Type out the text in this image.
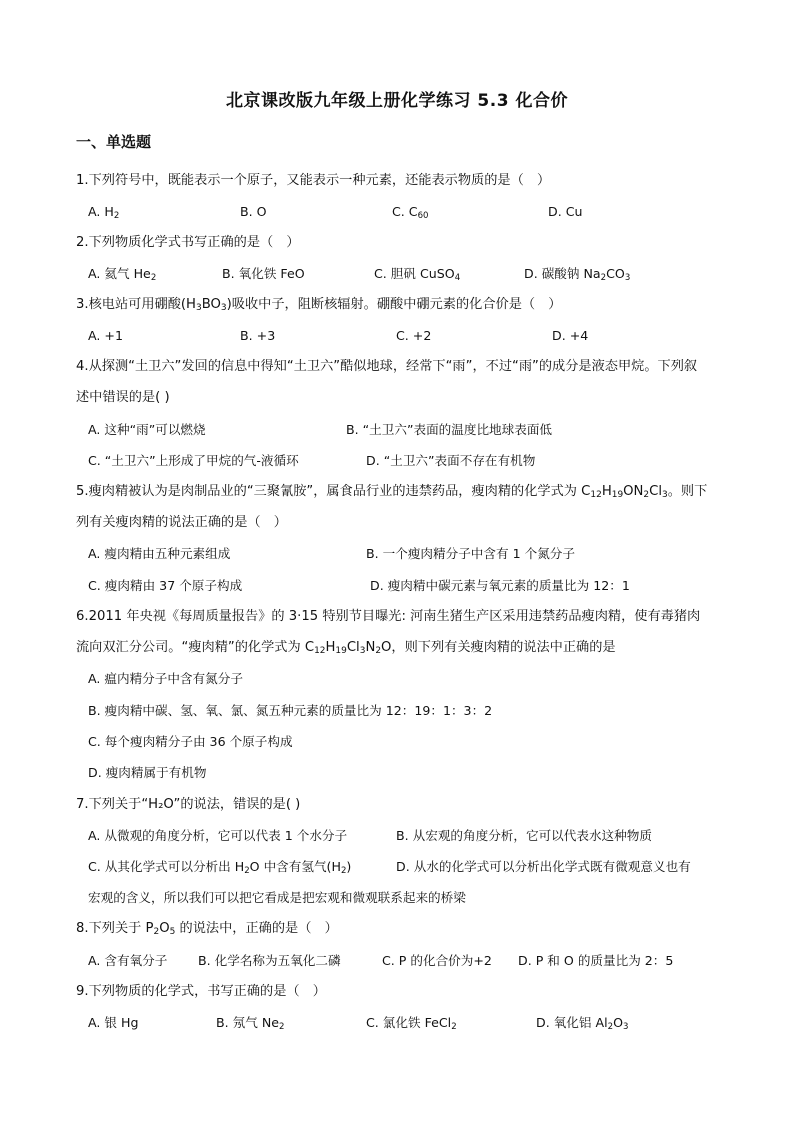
北京课改版九年级上册化学练习 5.3 化合价
一、单选题
1.下列符号中，既能表示一个原子，又能表示一种元素，还能表示物质的是（　）
A. $H_2$	B. O	C. $C_{60}$	D. Cu
2.下列物质化学式书写正确的是（　）
A. 氦气 $He_2$	B. 氧化铁 FeO	C. 胆矾 CuSO$_4$	D. 碳酸钠 $Na_2CO_3$
3.核电站可用硼酸$(H_3BO_3)$吸收中子，阻断核辐射。硼酸中硼元素的化合价是（　）
A. +1	B. +3	C. +2	D. +4
4.从探测“土卫六”发回的信息中得知“土卫六”酷似地球，经常下“雨”，不过“雨”的成分是液态甲烷。下列叙
述中错误的是( )
A. 这种“雨”可以燃烧	B. “土卫六”表面的温度比地球表面低
C. “土卫六”上形成了甲烷的气-液循环	D. “土卫六”表面不存在有机物
5.瘦肉精被认为是肉制品业的“三聚氰胺”，属食品行业的违禁药品，瘦肉精的化学式为 $C_{12}H_{19}ON_2Cl_3$。则下
列有关瘦肉精的说法正确的是（　）
A. 瘦肉精由五种元素组成	B. 一个瘦肉精分子中含有 1 个氮分子
C. 瘦肉精由 37 个原子构成	D. 瘦肉精中碳元素与氧元素的质量比为 12：1
6.2011 年央视《每周质量报告》的 3·15 特别节目曝光: 河南生猪生产区采用违禁药品瘦肉精，使有毒猪肉
流向双汇分公司。“瘦肉精”的化学式为 $C_{12}H_{19}Cl_3N_2O$，则下列有关瘦肉精的说法中正确的是
A. 瘟内精分子中含有氮分子
B. 瘦肉精中碳、氢、氧、氯、氮五种元素的质量比为 12：19：1：3：2
C. 每个瘦肉精分子由 36 个原子构成
D. 瘦肉精属于有机物
7.下列关于“H₂O”的说法，错误的是( )
A. 从微观的角度分析，它可以代表 1 个水分子	B. 从宏观的角度分析，它可以代表水这种物质
C. 从其化学式可以分析出 $H_2O$ 中含有氢气$(H_2)$	D. 从水的化学式可以分析出化学式既有微观意义也有
宏观的含义，所以我们可以把它看成是把宏观和微观联系起来的桥梁
8.下列关于 $P_2O_5$ 的说法中，正确的是（　）
A. 含有氧分子 B. 化学名称为五氧化二磷	C. P 的化合价为+2 D. P 和 O 的质量比为 2：5
9.下列物质的化学式，书写正确的是（　）
A. 银 Hg	B. 氖气 $Ne_2$	C. 氯化铁 FeCl$_2$	D. 氧化铝 $Al_2O_3$
